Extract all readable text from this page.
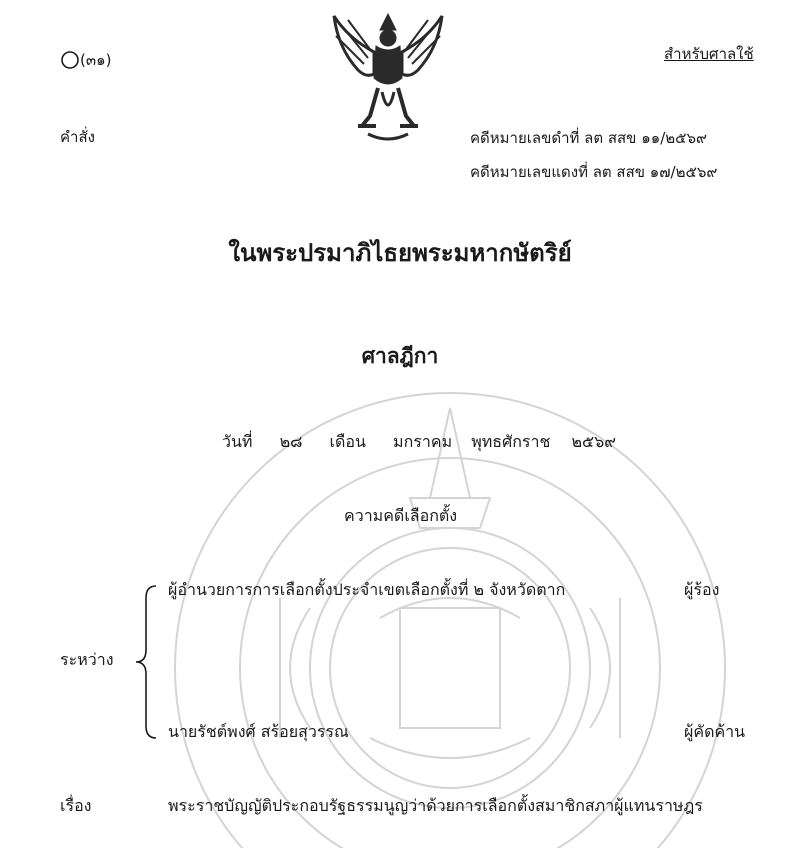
(๓๑)	สำหรับศาลใช้
คำสั่ง	คดีหมายเลขดำที่ ลต สสข ๑๑/๒๕๖๙
คดีหมายเลขแดงที่ ลต สสข ๑๗/๒๕๖๙
ในพระปรมาภิไธยพระมหากษัตริย์
ศาลฎีกา
วันที่ ๒๘ เดือน มกราคม พุทธศักราช ๒๕๖๙
ความคดีเลือกตั้ง
ระหว่าง
ผู้อำนวยการการเลือกตั้งประจำเขตเลือกตั้งที่ ๒ จังหวัดตาก	ผู้ร้อง
นายรัชต์พงศ์ สร้อยสุวรรณ	ผู้คัดค้าน
เรื่อง	พระราชบัญญัติประกอบรัฐธรรมนูญว่าด้วยการเลือกตั้งสมาชิกสภาผู้แทนราษฎร
